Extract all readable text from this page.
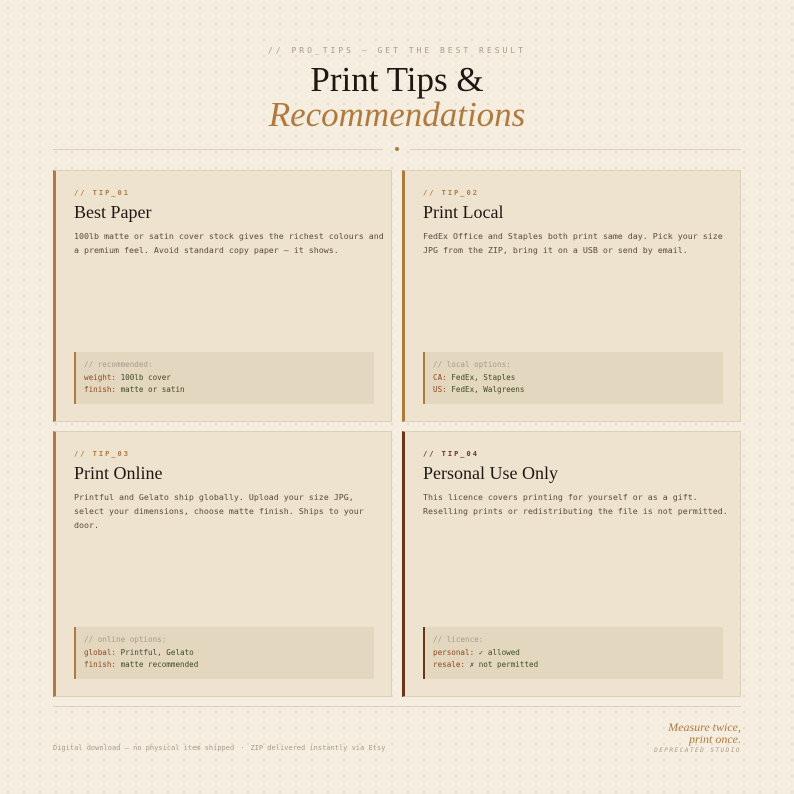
// PRO_TIPS — GET THE BEST RESULT
Print Tips &
Recommendations
// TIP_01
Best Paper
100lb matte or satin cover stock gives the richest colours and
a premium feel. Avoid standard copy paper — it shows.
// recommended:
weight: 100lb cover
finish: matte or satin
// TIP_02
Print Local
FedEx Office and Staples both print same day. Pick your size
JPG from the ZIP, bring it on a USB or send by email.
// local options:
CA: FedEx, Staples
US: FedEx, Walgreens
// TIP_03
Print Online
Printful and Gelato ship globally. Upload your size JPG,
select your dimensions, choose matte finish. Ships to your
door.
// online options:
global: Printful, Gelato
finish: matte recommended
// TIP_04
Personal Use Only
This licence covers printing for yourself or as a gift.
Reselling prints or redistributing the file is not permitted.
// licence:
personal: ✓ allowed
resale: ✗ not permitted
Digital download — no physical item shipped · ZIP delivered instantly via Etsy
Measure twice,
print once.
DEPRECATED STUDIO
